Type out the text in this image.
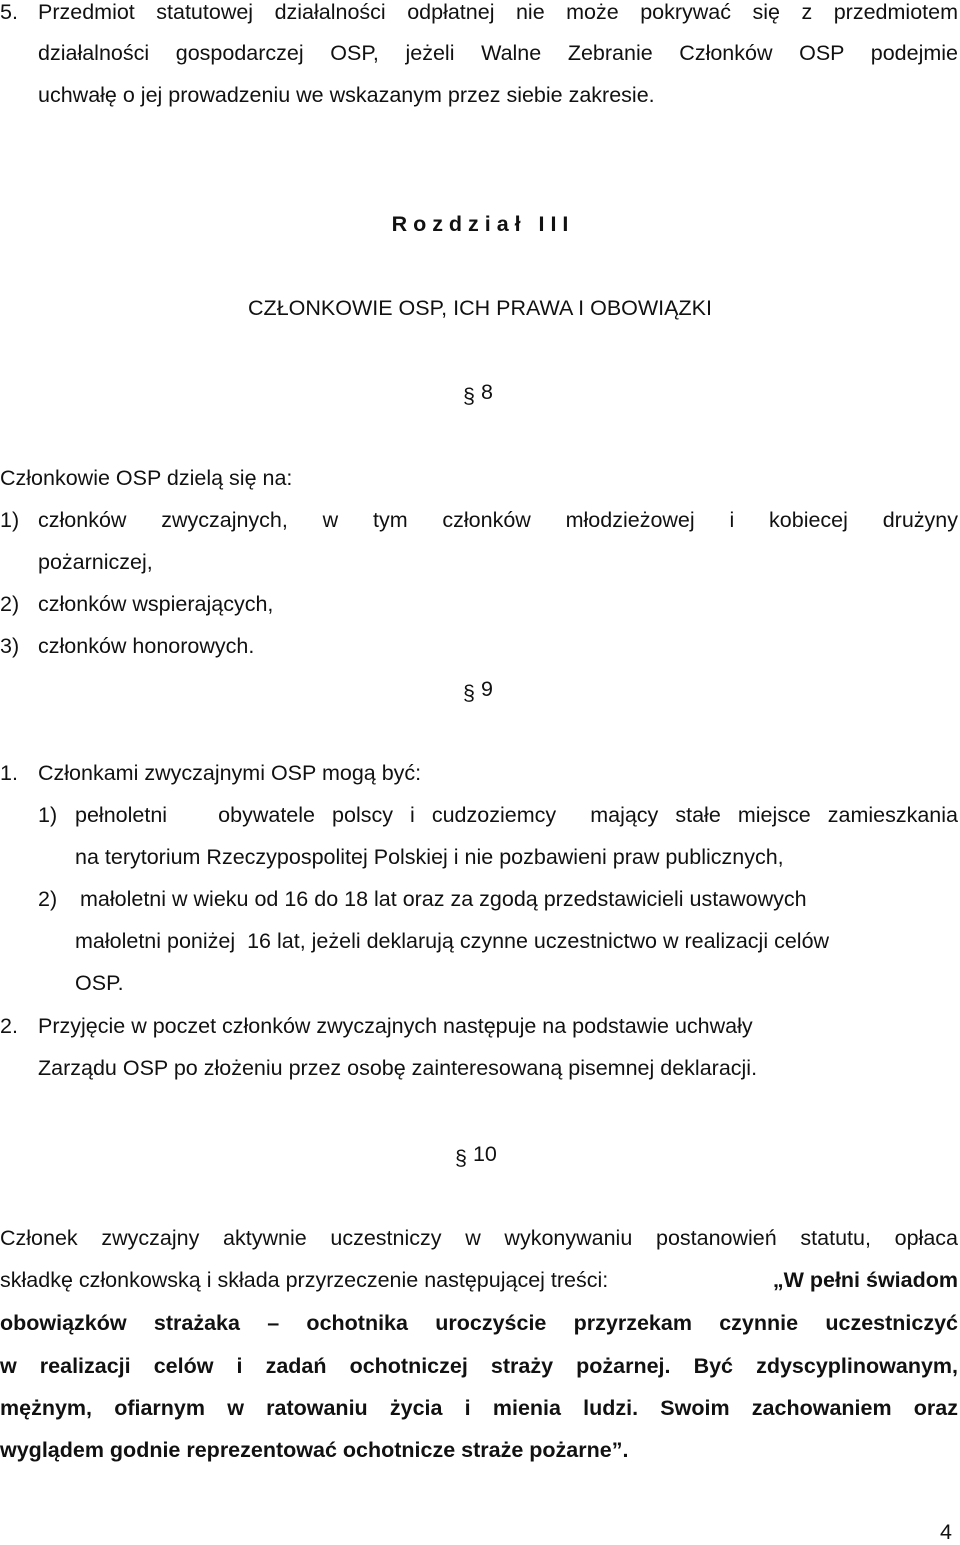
5. Przedmiot statutowej działalności odpłatnej nie może pokrywać się z przedmiotem
działalności gospodarczej OSP, jeżeli Walne Zebranie Członków OSP podejmie
uchwałę o jej prowadzeniu we wskazanym przez siebie zakresie.
R o z d z i a ł   I I I
CZŁONKOWIE OSP, ICH PRAWA I OBOWIĄZKI
§ 8
Członkowie OSP dzielą się na:
1) członków zwyczajnych, w tym członków młodzieżowej i kobiecej drużyny
pożarniczej,
2) członków wspierających,
3) członków honorowych.
§ 9
1. Członkami zwyczajnymi OSP mogą być:
1) pełnoletni   obywatele polscy i cudzoziemcy  mający stałe miejsce zamieszkania
na terytorium Rzeczypospolitej Polskiej i nie pozbawieni praw publicznych,
2) małoletni w wieku od 16 do 18 lat oraz za zgodą przedstawicieli ustawowych
małoletni poniżej  16 lat, jeżeli deklarują czynne uczestnictwo w realizacji celów
OSP.
2. Przyjęcie w poczet członków zwyczajnych następuje na podstawie uchwały
Zarządu OSP po złożeniu przez osobę zainteresowaną pisemnej deklaracji.
§ 10
Członek zwyczajny aktywnie uczestniczy w wykonywaniu postanowień statutu, opłaca
składkę członkowską i składa przyrzeczenie następującej treści:	„W pełni świadom
obowiązków strażaka – ochotnika uroczyście przyrzekam czynnie uczestniczyć
w realizacji celów i zadań ochotniczej straży pożarnej. Być zdyscyplinowanym,
mężnym, ofiarnym w ratowaniu życia i mienia ludzi. Swoim zachowaniem oraz
wyglądem godnie reprezentować ochotnicze straże pożarne”.
4
